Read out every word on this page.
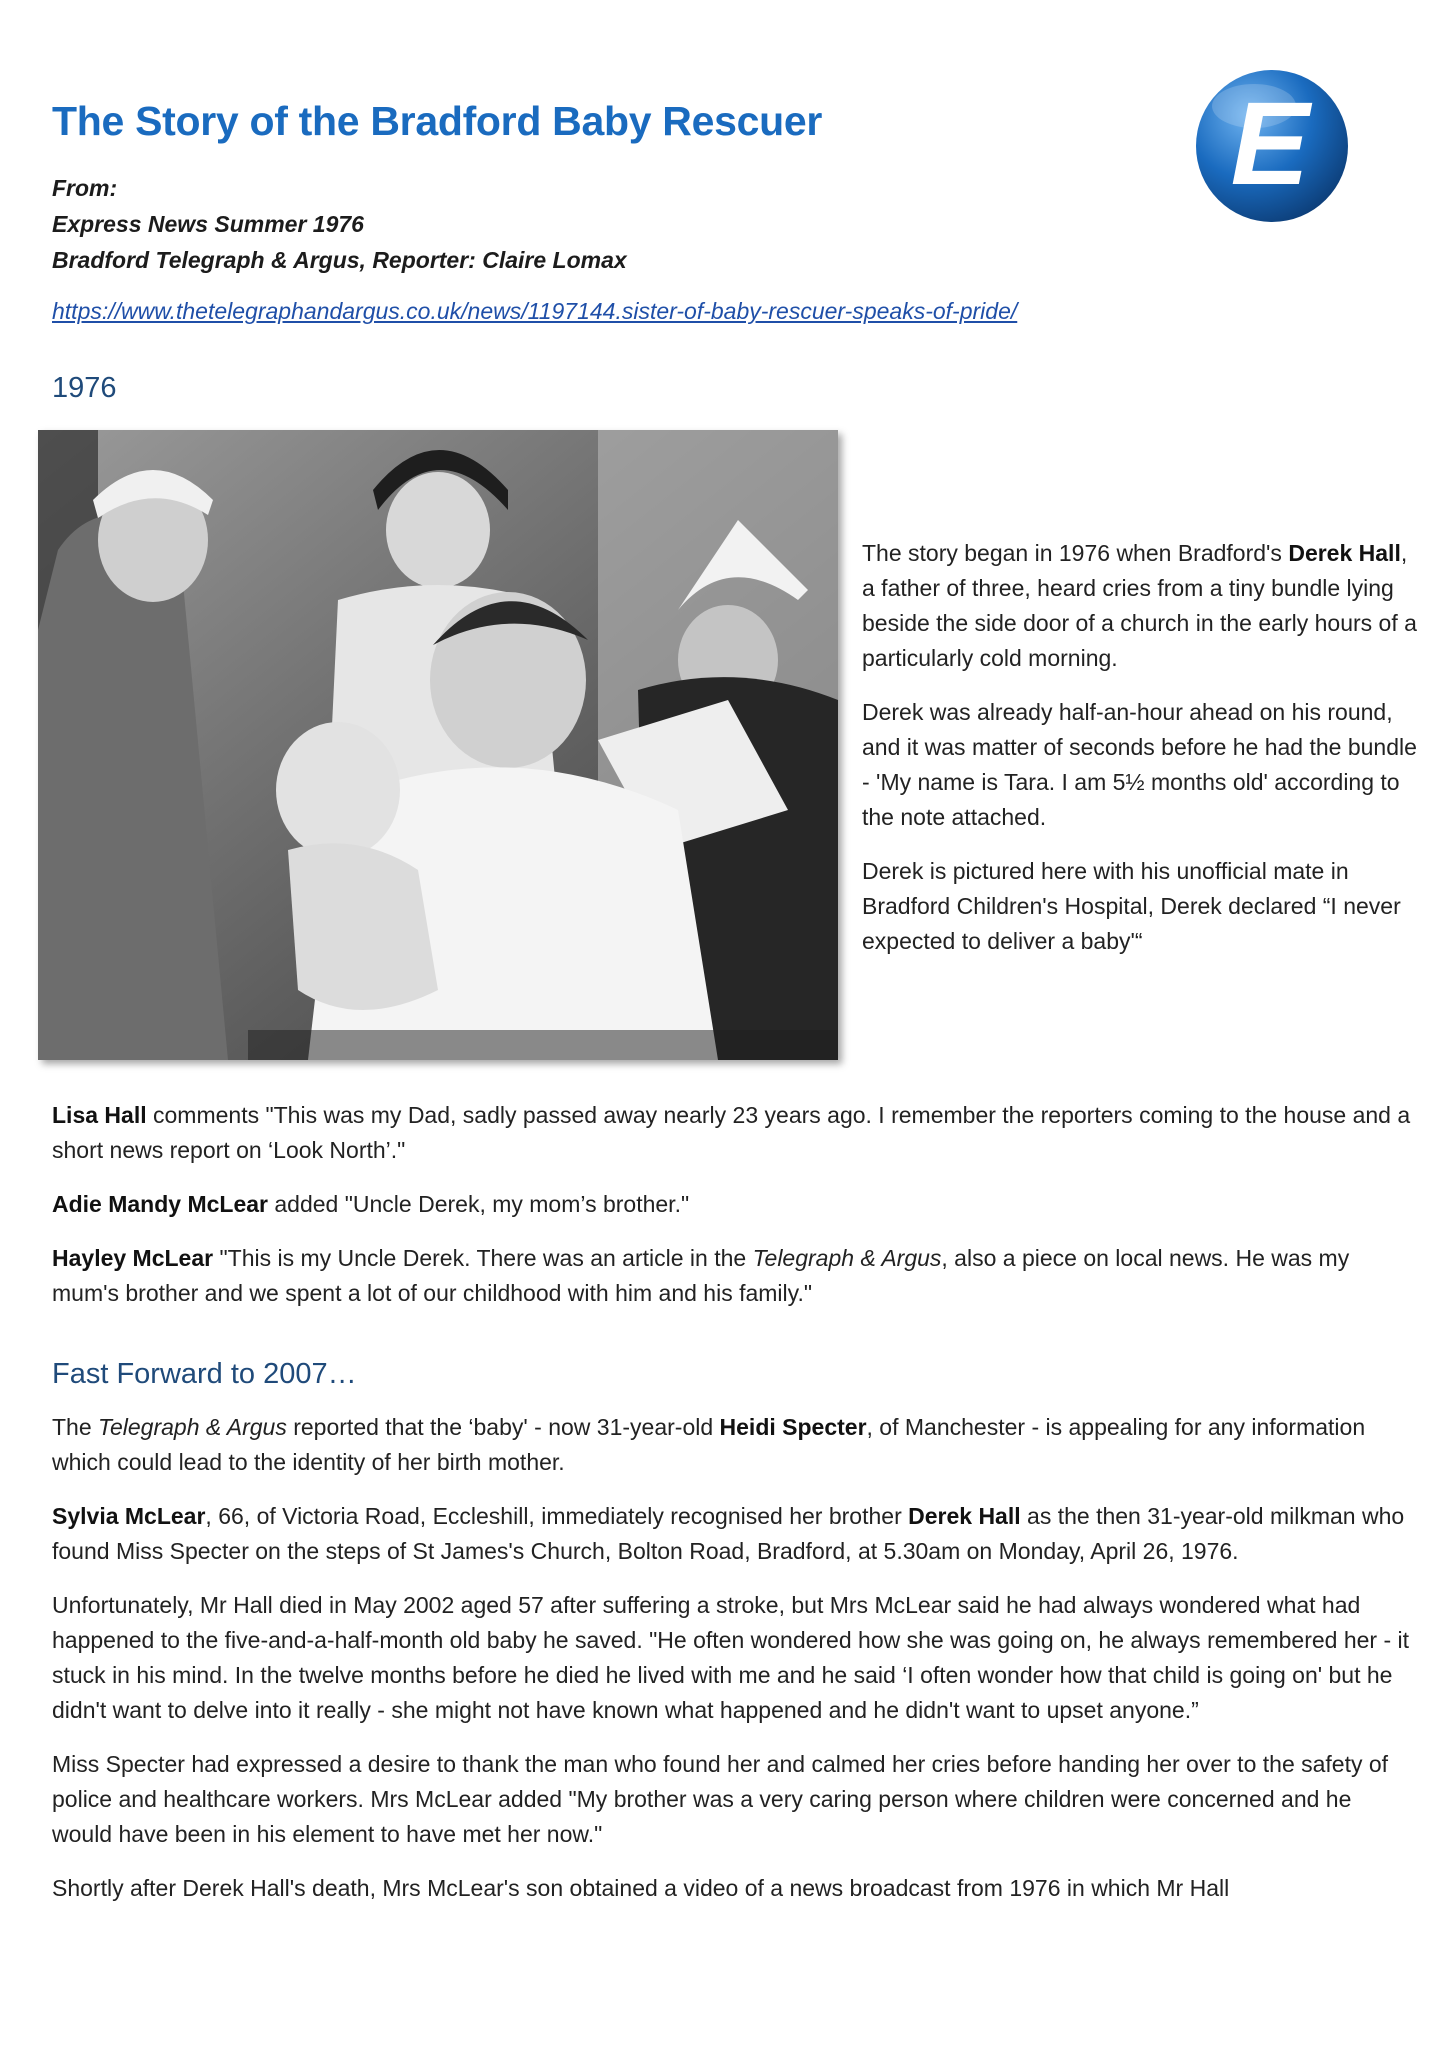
The Story of the Bradford Baby Rescuer	E
From:
Express News Summer 1976
Bradford Telegraph & Argus, Reporter: Claire Lomax
https://www.thetelegraphandargus.co.uk/news/1197144.sister-of-baby-rescuer-speaks-of-pride/
1976

The story began in 1976 when Bradford's Derek Hall, a father of three, heard cries from a tiny bundle lying beside the side door of a church in the early hours of a particularly cold morning.

Derek was already half-an-hour ahead on his round, and it was matter of seconds before he had the bundle - 'My name is Tara. I am 5½ months old' according to the note attached.

Derek is pictured here with his unofficial mate in Bradford Children's Hospital, Derek declared “I never expected to deliver a baby'“

Lisa Hall comments "This was my Dad, sadly passed away nearly 23 years ago. I remember the reporters coming to the house and a short news report on ‘Look North’."

Adie Mandy McLear added "Uncle Derek, my mom’s brother."

Hayley McLear "This is my Uncle Derek. There was an article in the Telegraph & Argus, also a piece on local news. He was my mum's brother and we spent a lot of our childhood with him and his family."

Fast Forward to 2007…

The Telegraph & Argus reported that the ‘baby' - now 31-year-old Heidi Specter, of Manchester - is appealing for any information which could lead to the identity of her birth mother.

Sylvia McLear, 66, of Victoria Road, Eccleshill, immediately recognised her brother Derek Hall as the then 31-year-old milkman who found Miss Specter on the steps of St James's Church, Bolton Road, Bradford, at 5.30am on Monday, April 26, 1976.

Unfortunately, Mr Hall died in May 2002 aged 57 after suffering a stroke, but Mrs McLear said he had always wondered what had happened to the five-and-a-half-month old baby he saved. "He often wondered how she was going on, he always remembered her - it stuck in his mind. In the twelve months before he died he lived with me and he said ‘I often wonder how that child is going on' but he didn't want to delve into it really - she might not have known what happened and he didn't want to upset anyone.”

Miss Specter had expressed a desire to thank the man who found her and calmed her cries before handing her over to the safety of police and healthcare workers. Mrs McLear added "My brother was a very caring person where children were concerned and he would have been in his element to have met her now."

Shortly after Derek Hall's death, Mrs McLear's son obtained a video of a news broadcast from 1976 in which Mr Hall
